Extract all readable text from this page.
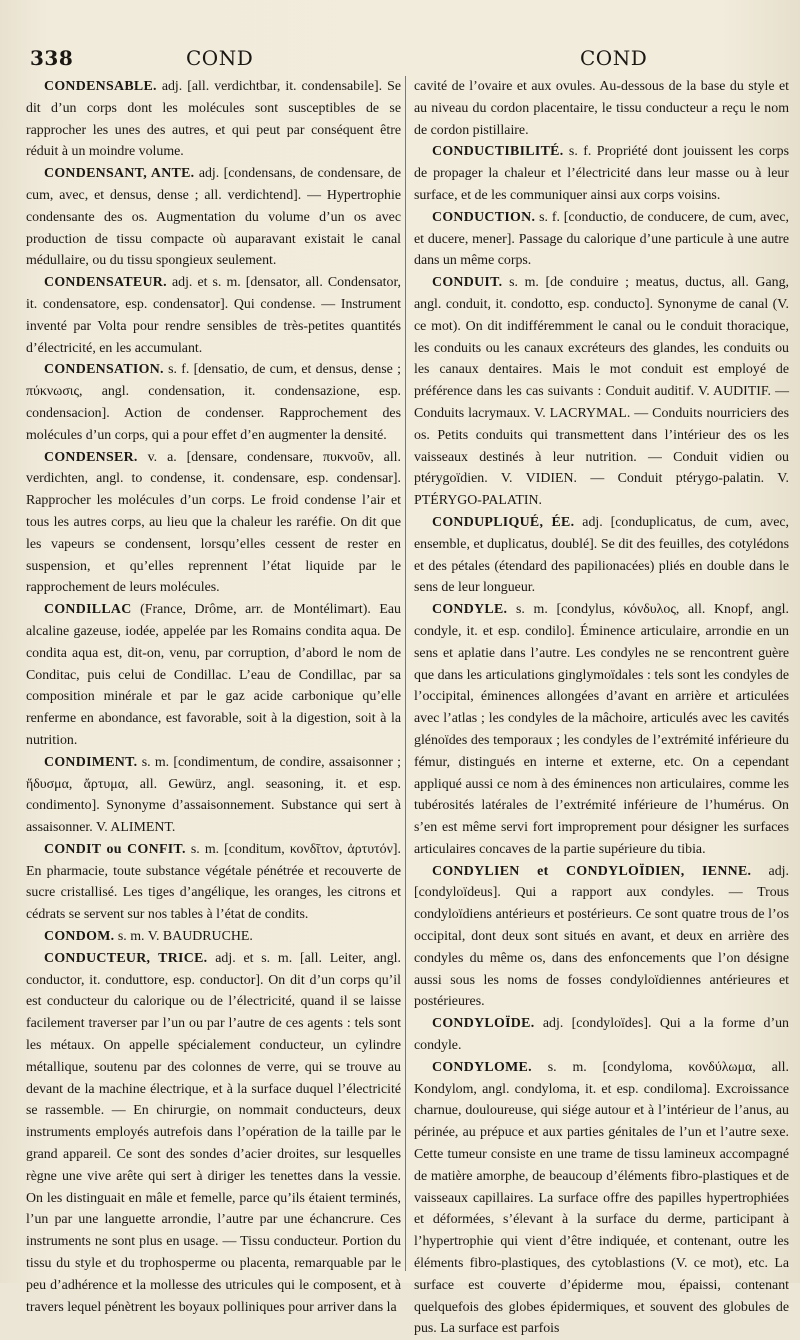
338	COND	COND

CONDENSABLE. adj. [all. verdichtbar, it. condensabile]. Se dit d’un corps dont les molécules sont susceptibles de se rapprocher les unes des autres, et qui peut par conséquent être réduit à un moindre volume.

CONDENSANT, ANTE. adj. [condensans, de condensare, de cum, avec, et densus, dense ; all. verdichtend]. — Hypertrophie condensante des os. Augmentation du volume d’un os avec production de tissu compacte où auparavant existait le canal médullaire, ou du tissu spongieux seulement.

CONDENSATEUR. adj. et s. m. [densator, all. Condensator, it. condensatore, esp. condensator]. Qui condense. — Instrument inventé par Volta pour rendre sensibles de très-petites quantités d’électricité, en les accumulant.

CONDENSATION. s. f. [densatio, de cum, et densus, dense ; πύκνωσις, angl. condensation, it. condensazione, esp. condensacion]. Action de condenser. Rapprochement des molécules d’un corps, qui a pour effet d’en augmenter la densité.

CONDENSER. v. a. [densare, condensare, πυκνοῦν, all. verdichten, angl. to condense, it. condensare, esp. condensar]. Rapprocher les molécules d’un corps. Le froid condense l’air et tous les autres corps, au lieu que la chaleur les raréfie. On dit que les vapeurs se condensent, lorsqu’elles cessent de rester en suspension, et qu’elles reprennent l’état liquide par le rapprochement de leurs molécules.

CONDILLAC (France, Drôme, arr. de Montélimart). Eau alcaline gazeuse, iodée, appelée par les Romains condita aqua. De condita aqua est, dit-on, venu, par corruption, d’abord le nom de Conditac, puis celui de Condillac. L’eau de Condillac, par sa composition minérale et par le gaz acide carbonique qu’elle renferme en abondance, est favorable, soit à la digestion, soit à la nutrition.

CONDIMENT. s. m. [condimentum, de condire, assaisonner ; ἥδυσμα, ἄρτυμα, all. Gewürz, angl. seasoning, it. et esp. condimento]. Synonyme d’assaisonnement. Substance qui sert à assaisonner. V. ALIMENT.

CONDIT ou CONFIT. s. m. [conditum, κονδῖτον, ἀρτυτόν]. En pharmacie, toute substance végétale pénétrée et recouverte de sucre cristallisé. Les tiges d’angélique, les oranges, les citrons et cédrats se servent sur nos tables à l’état de condits.

CONDOM. s. m. V. BAUDRUCHE.

CONDUCTEUR, TRICE. adj. et s. m. [all. Leiter, angl. conductor, it. conduttore, esp. conductor]. On dit d’un corps qu’il est conducteur du calorique ou de l’électricité, quand il se laisse facilement traverser par l’un ou par l’autre de ces agents : tels sont les métaux. On appelle spécialement conducteur, un cylindre métallique, soutenu par des colonnes de verre, qui se trouve au devant de la machine électrique, et à la surface duquel l’électricité se rassemble. — En chirurgie, on nommait conducteurs, deux instruments employés autrefois dans l’opération de la taille par le grand appareil. Ce sont des sondes d’acier droites, sur lesquelles règne une vive arête qui sert à diriger les tenettes dans la vessie. On les distinguait en mâle et femelle, parce qu’ils étaient terminés, l’un par une languette arrondie, l’autre par une échancrure. Ces instruments ne sont plus en usage. — Tissu conducteur. Portion du tissu du style et du trophosperme ou placenta, remarquable par le peu d’adhérence et la mollesse des utricules qui le composent, et à travers lequel pénètrent les boyaux polliniques pour arriver dans la

cavité de l’ovaire et aux ovules. Au-dessous de la base du style et au niveau du cordon placentaire, le tissu conducteur a reçu le nom de cordon pistillaire.

CONDUCTIBILITÉ. s. f. Propriété dont jouissent les corps de propager la chaleur et l’électricité dans leur masse ou à leur surface, et de les communiquer ainsi aux corps voisins.

CONDUCTION. s. f. [conductio, de conducere, de cum, avec, et ducere, mener]. Passage du calorique d’une particule à une autre dans un même corps.

CONDUIT. s. m. [de conduire ; meatus, ductus, all. Gang, angl. conduit, it. condotto, esp. conducto]. Synonyme de canal (V. ce mot). On dit indifféremment le canal ou le conduit thoracique, les conduits ou les canaux excréteurs des glandes, les conduits ou les canaux dentaires. Mais le mot conduit est employé de préférence dans les cas suivants : Conduit auditif. V. AUDITIF. — Conduits lacrymaux. V. LACRYMAL. — Conduits nourriciers des os. Petits conduits qui transmettent dans l’intérieur des os les vaisseaux destinés à leur nutrition. — Conduit vidien ou ptérygoïdien. V. VIDIEN. — Conduit ptérygo-palatin. V. PTÉRYGO-PALATIN.

CONDUPLIQUÉ, ÉE. adj. [conduplicatus, de cum, avec, ensemble, et duplicatus, doublé]. Se dit des feuilles, des cotylédons et des pétales (étendard des papilionacées) pliés en double dans le sens de leur longueur.

CONDYLE. s. m. [condylus, κόνδυλος, all. Knopf, angl. condyle, it. et esp. condilo]. Éminence articulaire, arrondie en un sens et aplatie dans l’autre. Les condyles ne se rencontrent guère que dans les articulations ginglymoïdales : tels sont les condyles de l’occipital, éminences allongées d’avant en arrière et articulées avec l’atlas ; les condyles de la mâchoire, articulés avec les cavités glénoïdes des temporaux ; les condyles de l’extrémité inférieure du fémur, distingués en interne et externe, etc. On a cependant appliqué aussi ce nom à des éminences non articulaires, comme les tubérosités latérales de l’extrémité inférieure de l’humérus. On s’en est même servi fort improprement pour désigner les surfaces articulaires concaves de la partie supérieure du tibia.

CONDYLIEN et CONDYLOÏDIEN, IENNE. adj. [condyloïdeus]. Qui a rapport aux condyles. — Trous condyloïdiens antérieurs et postérieurs. Ce sont quatre trous de l’os occipital, dont deux sont situés en avant, et deux en arrière des condyles du même os, dans des enfoncements que l’on désigne aussi sous les noms de fosses condyloïdiennes antérieures et postérieures.

CONDYLOÏDE. adj. [condyloïdes]. Qui a la forme d’un condyle.

CONDYLOME. s. m. [condyloma, κονδύλωμα, all. Kondylom, angl. condyloma, it. et esp. condiloma]. Excroissance charnue, douloureuse, qui siége autour et à l’intérieur de l’anus, au périnée, au prépuce et aux parties génitales de l’un et l’autre sexe. Cette tumeur consiste en une trame de tissu lamineux accompagné de matière amorphe, de beaucoup d’éléments fibro-plastiques et de vaisseaux capillaires. La surface offre des papilles hypertrophiées et déformées, s’élevant à la surface du derme, participant à l’hypertrophie qui vient d’être indiquée, et contenant, outre les éléments fibro-plastiques, des cytoblastions (V. ce mot), etc. La surface est couverte d’épiderme mou, épaissi, contenant quelquefois des globes épidermiques, et souvent des globules de pus. La surface est parfois
